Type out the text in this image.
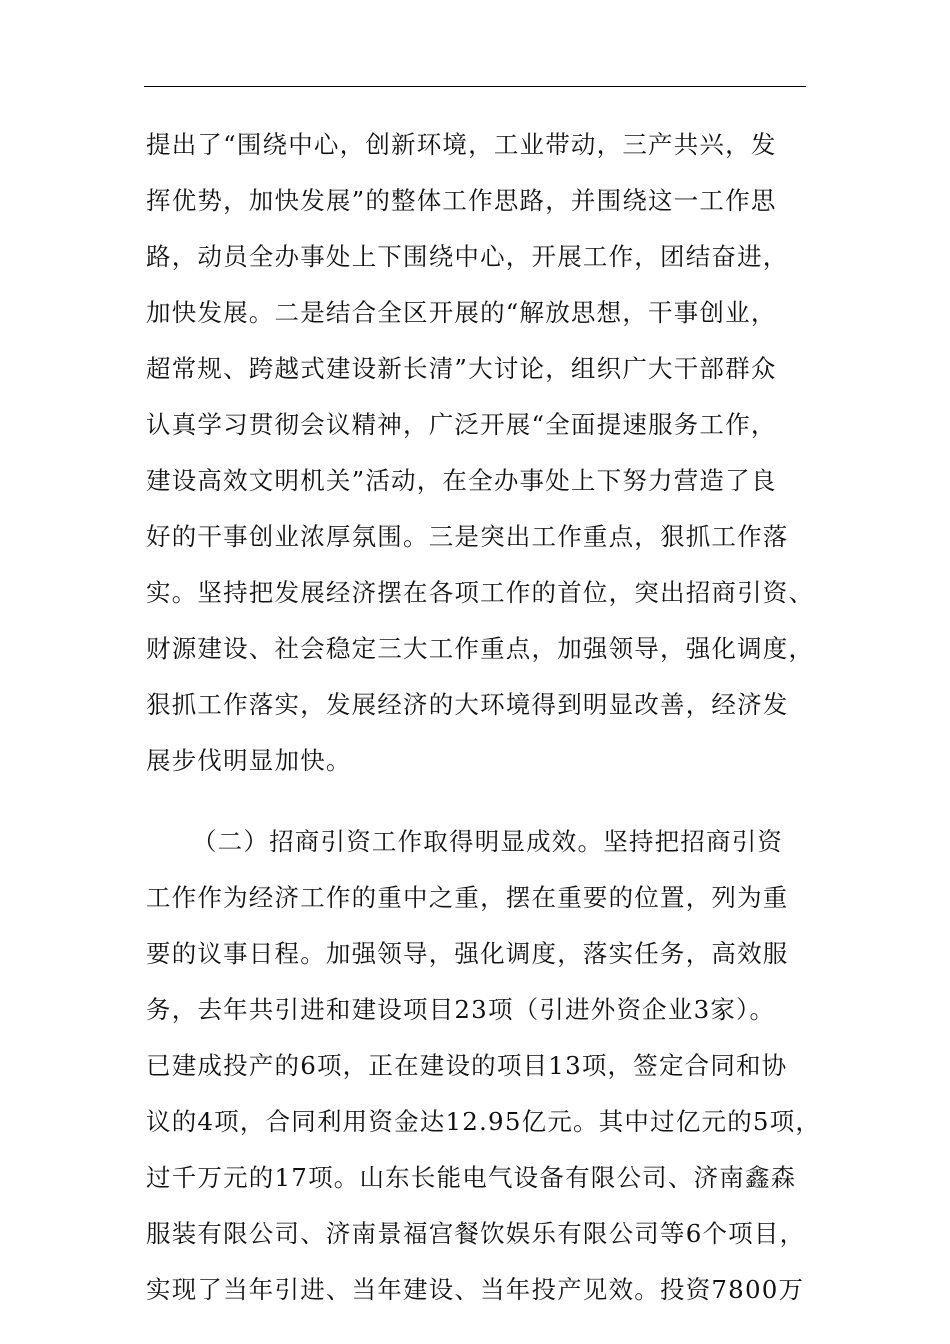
提出了“围绕中心，创新环境，工业带动，三产共兴，发
挥优势，加快发展”的整体工作思路，并围绕这一工作思
路，动员全办事处上下围绕中心，开展工作，团结奋进，
加快发展。二是结合全区开展的“解放思想，干事创业，
超常规、跨越式建设新长清”大讨论，组织广大干部群众
认真学习贯彻会议精神，广泛开展“全面提速服务工作，
建设高效文明机关”活动，在全办事处上下努力营造了良
好的干事创业浓厚氛围。三是突出工作重点，狠抓工作落
实。坚持把发展经济摆在各项工作的首位，突出招商引资、
财源建设、社会稳定三大工作重点，加强领导，强化调度，
狠抓工作落实，发展经济的大环境得到明显改善，经济发
展步伐明显加快。
（二）招商引资工作取得明显成效。坚持把招商引资
工作作为经济工作的重中之重，摆在重要的位置，列为重
要的议事日程。加强领导，强化调度，落实任务，高效服
务，去年共引进和建设项目23项（引进外资企业3家）。
已建成投产的6项，正在建设的项目13项，签定合同和协
议的4项，合同利用资金达12.95亿元。其中过亿元的5项，
过千万元的17项。山东长能电气设备有限公司、济南鑫森
服装有限公司、济南景福宫餐饮娱乐有限公司等6个项目，
实现了当年引进、当年建设、当年投产见效。投资7800万
